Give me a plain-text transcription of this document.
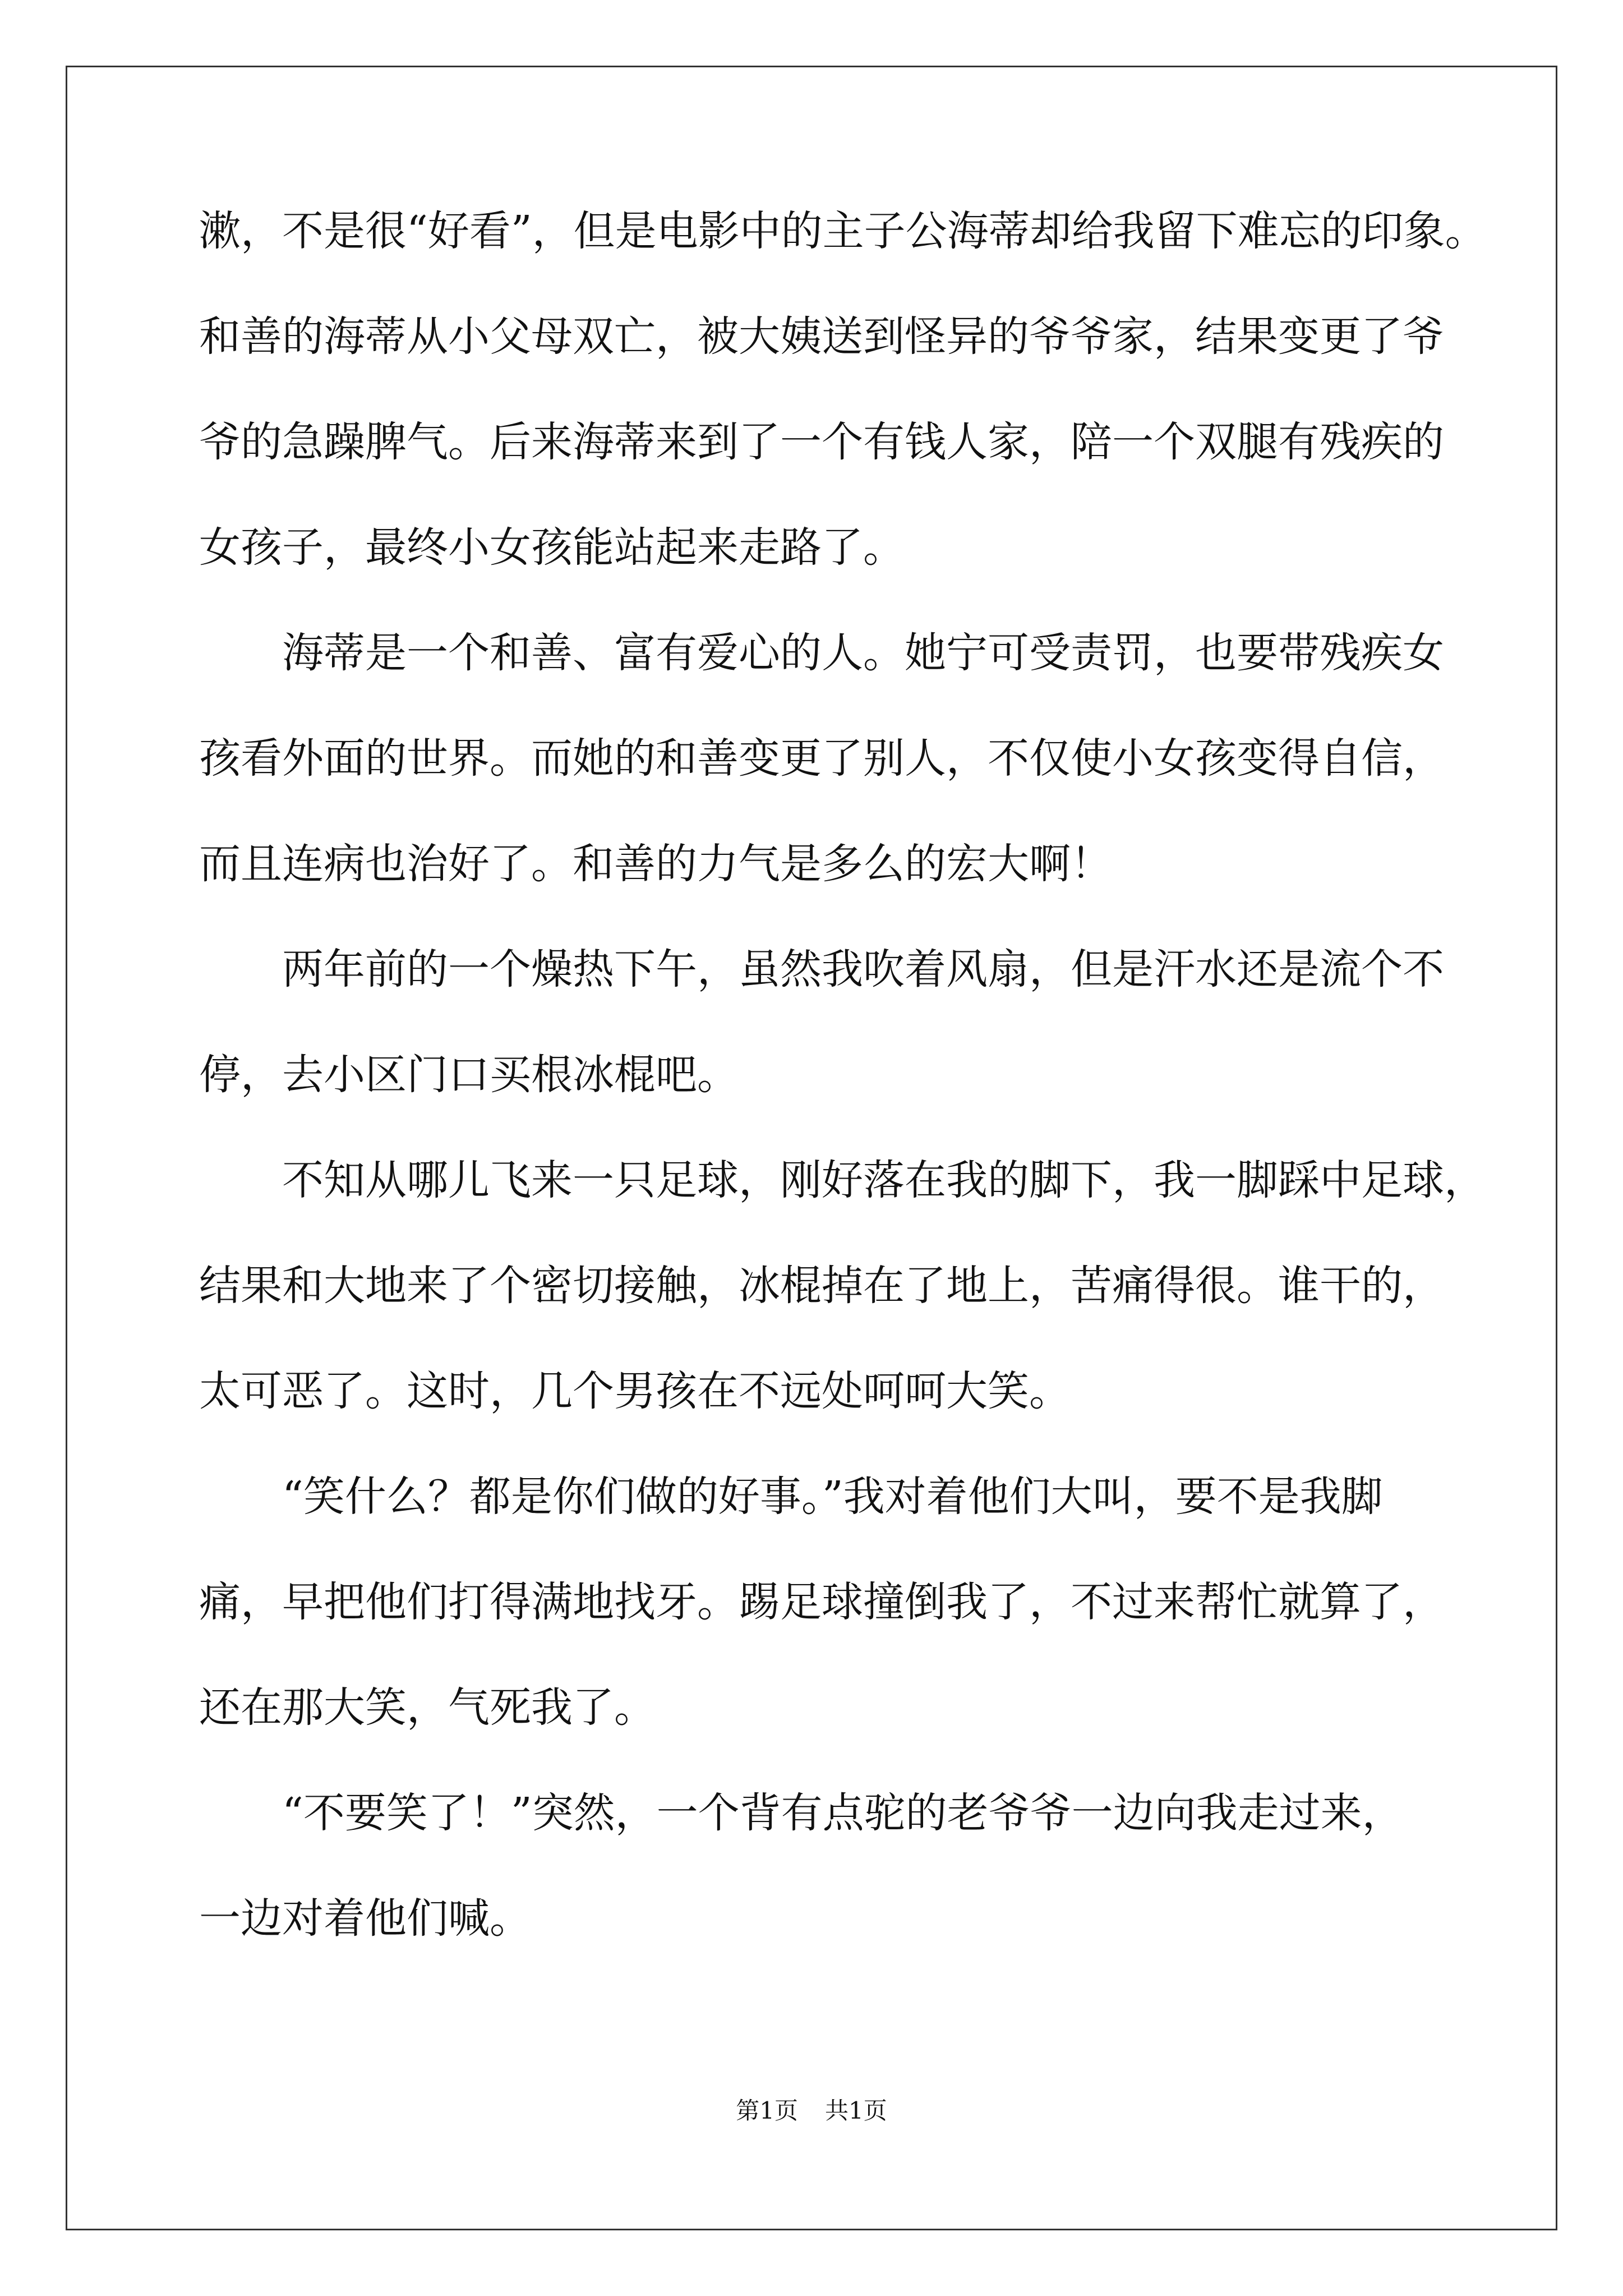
漱，不是很“好看”，但是电影中的主子公海蒂却给我留下难忘的印象。
和善的海蒂从小父母双亡，被大姨送到怪异的爷爷家，结果变更了爷
爷的急躁脾气。后来海蒂来到了一个有钱人家，陪一个双腿有残疾的
女孩子，最终小女孩能站起来走路了。
　　海蒂是一个和善、富有爱心的人。她宁可受责罚，也要带残疾女
孩看外面的世界。而她的和善变更了别人，不仅使小女孩变得自信，
而且连病也治好了。和善的力气是多么的宏大啊！
　　两年前的一个燥热下午，虽然我吹着风扇，但是汗水还是流个不
停，去小区门口买根冰棍吧。
　　不知从哪儿飞来一只足球，刚好落在我的脚下，我一脚踩中足球，
结果和大地来了个密切接触，冰棍掉在了地上，苦痛得很。谁干的，
太可恶了。这时，几个男孩在不远处呵呵大笑。
　　“笑什么？都是你们做的好事。”我对着他们大叫，要不是我脚
痛，早把他们打得满地找牙。踢足球撞倒我了，不过来帮忙就算了，
还在那大笑，气死我了。
　　“不要笑了！”突然，一个背有点驼的老爷爷一边向我走过来，
一边对着他们喊。
第1页 共1页
